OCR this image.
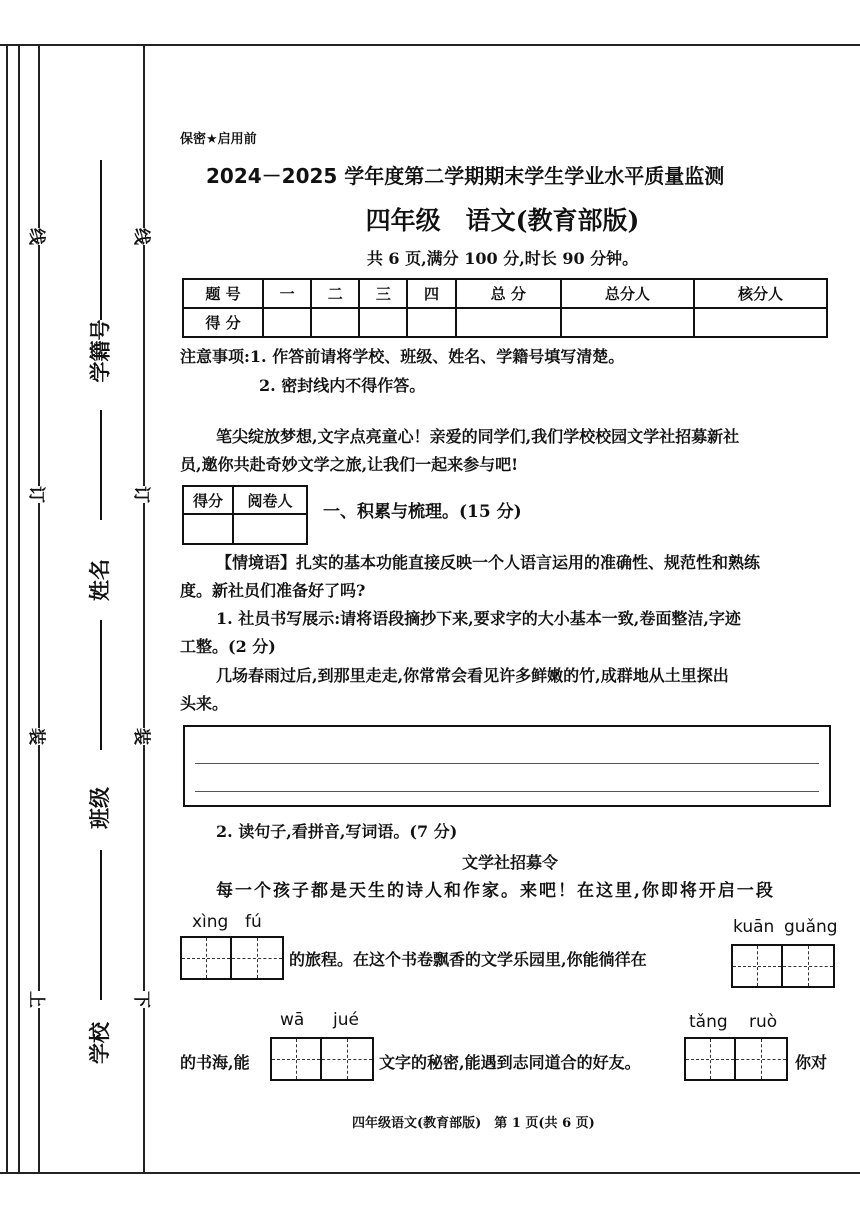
线
订
装
上
线
订
装
下
学籍号
姓名
班级
学校
保密★启用前
2024－2025 学年度第二学期期末学生学业水平质量监测
四年级　语文(教育部版)
共 6 页,满分 100 分,时长 90 分钟。
题 号	一	二	三	四	总 分	总分人	核分人
得 分							
注意事项:1. 作答前请将学校、班级、姓名、学籍号填写清楚。
2. 密封线内不得作答。
笔尖绽放梦想,文字点亮童心！亲爱的同学们,我们学校校园文学社招募新社
员,邀你共赴奇妙文学之旅,让我们一起来参与吧!
得分	阅卷人

一、积累与梳理。(15 分)
【情境语】扎实的基本功能直接反映一个人语言运用的准确性、规范性和熟练
度。新社员们准备好了吗?
1. 社员书写展示:请将语段摘抄下来,要求字的大小基本一致,卷面整洁,字迹
工整。(2 分)
几场春雨过后,到那里走走,你常常会看见许多鲜嫩的竹,成群地从土里探出
头来。
2. 读句子,看拼音,写词语。(7 分)
文学社招募令
每一个孩子都是天生的诗人和作家。来吧！在这里,你即将开启一段
xìng fú
的旅程。在这个书卷飘香的文学乐园里,你能徜徉在
kuān guǎng
wā jué
的书海,能	文字的秘密,能遇到志同道合的好友。
tǎng ruò
你对
四年级语文(教育部版)　第 1 页(共 6 页)
